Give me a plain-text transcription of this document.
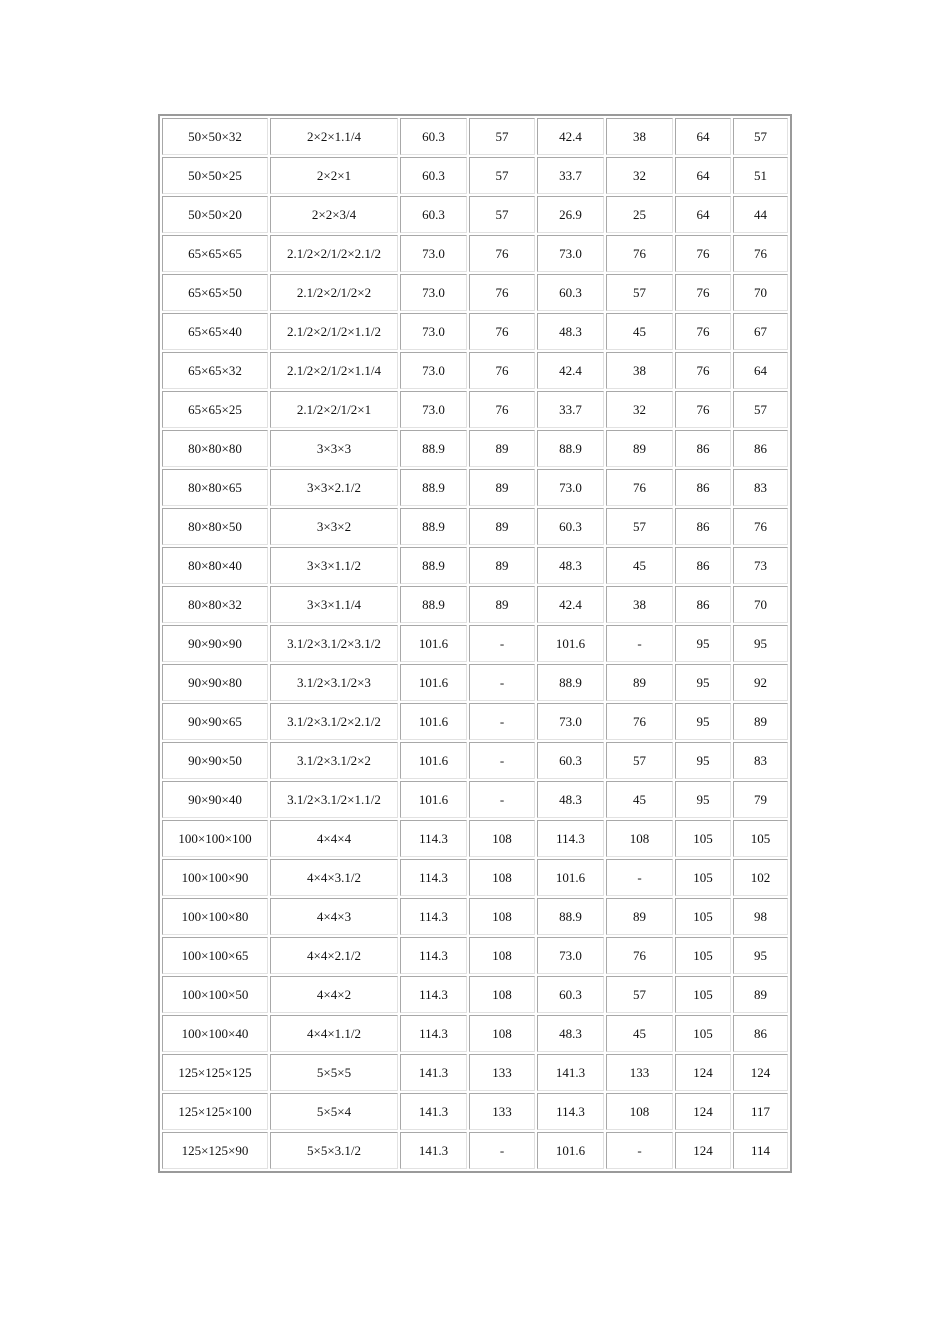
50×50×32	2×2×1.1/4	60.3	57	42.4	38	64	57
50×50×25	2×2×1	60.3	57	33.7	32	64	51
50×50×20	2×2×3/4	60.3	57	26.9	25	64	44
65×65×65	2.1/2×2/1/2×2.1/2	73.0	76	73.0	76	76	76
65×65×50	2.1/2×2/1/2×2	73.0	76	60.3	57	76	70
65×65×40	2.1/2×2/1/2×1.1/2	73.0	76	48.3	45	76	67
65×65×32	2.1/2×2/1/2×1.1/4	73.0	76	42.4	38	76	64
65×65×25	2.1/2×2/1/2×1	73.0	76	33.7	32	76	57
80×80×80	3×3×3	88.9	89	88.9	89	86	86
80×80×65	3×3×2.1/2	88.9	89	73.0	76	86	83
80×80×50	3×3×2	88.9	89	60.3	57	86	76
80×80×40	3×3×1.1/2	88.9	89	48.3	45	86	73
80×80×32	3×3×1.1/4	88.9	89	42.4	38	86	70
90×90×90	3.1/2×3.1/2×3.1/2	101.6	-	101.6	-	95	95
90×90×80	3.1/2×3.1/2×3	101.6	-	88.9	89	95	92
90×90×65	3.1/2×3.1/2×2.1/2	101.6	-	73.0	76	95	89
90×90×50	3.1/2×3.1/2×2	101.6	-	60.3	57	95	83
90×90×40	3.1/2×3.1/2×1.1/2	101.6	-	48.3	45	95	79
100×100×100	4×4×4	114.3	108	114.3	108	105	105
100×100×90	4×4×3.1/2	114.3	108	101.6	-	105	102
100×100×80	4×4×3	114.3	108	88.9	89	105	98
100×100×65	4×4×2.1/2	114.3	108	73.0	76	105	95
100×100×50	4×4×2	114.3	108	60.3	57	105	89
100×100×40	4×4×1.1/2	114.3	108	48.3	45	105	86
125×125×125	5×5×5	141.3	133	141.3	133	124	124
125×125×100	5×5×4	141.3	133	114.3	108	124	117
125×125×90	5×5×3.1/2	141.3	-	101.6	-	124	114
